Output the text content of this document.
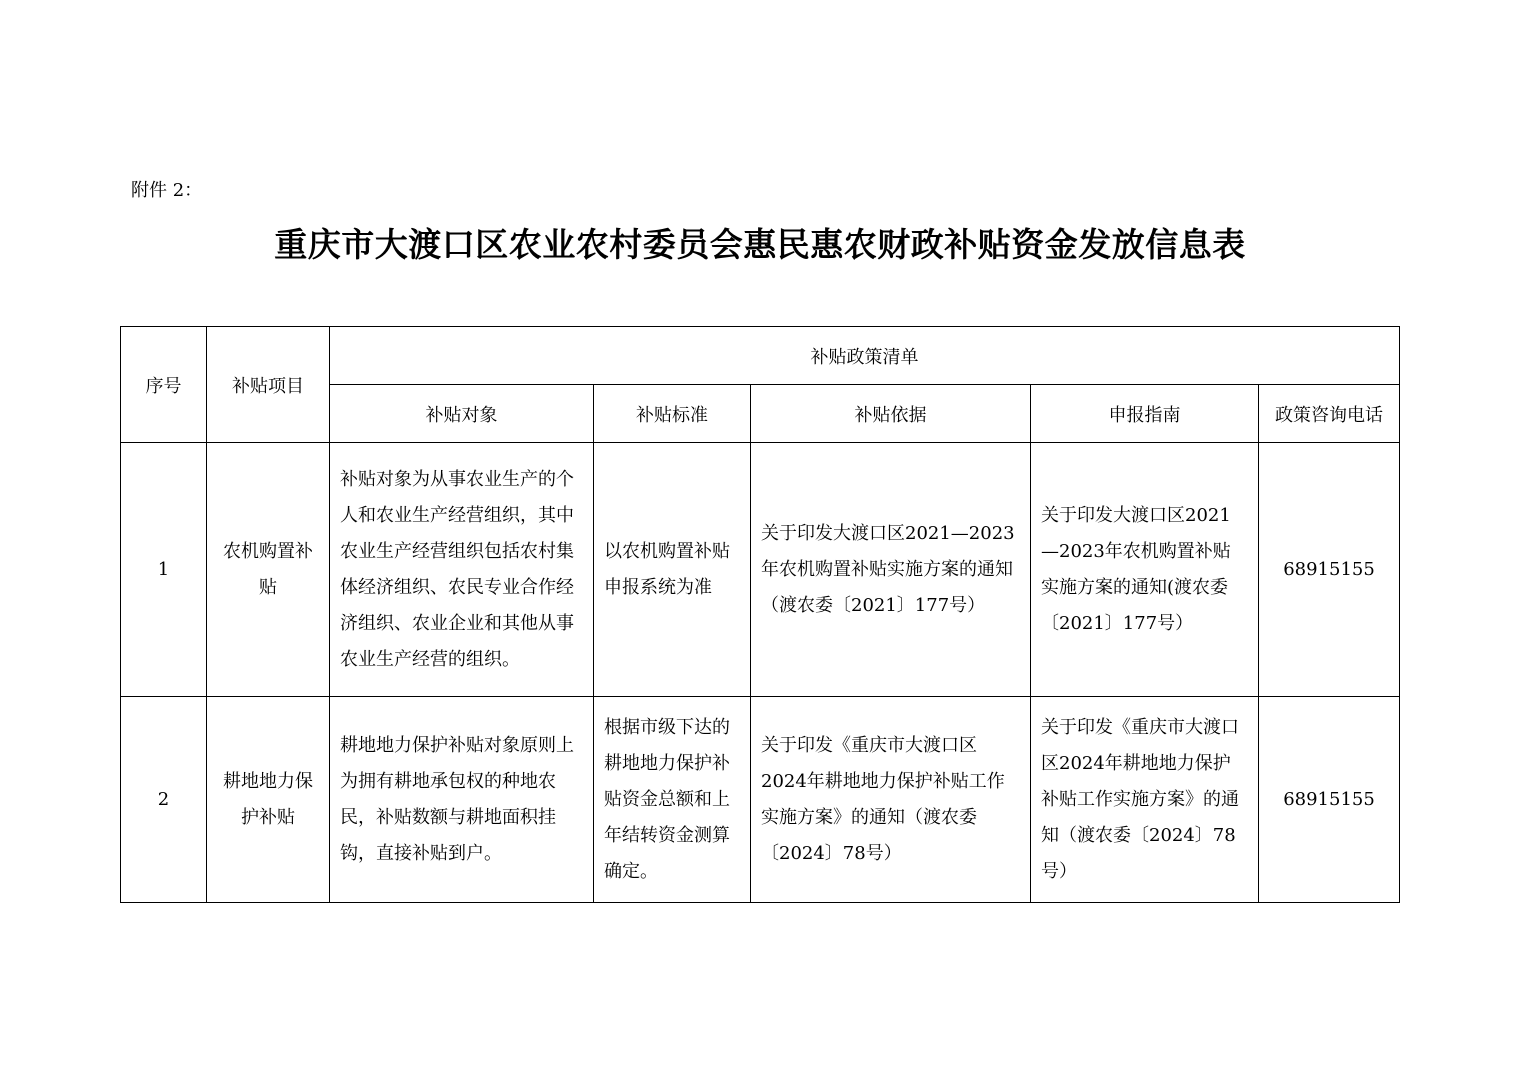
附件 2：
重庆市大渡口区农业农村委员会惠民惠农财政补贴资金发放信息表
序号	补贴项目	补贴政策清单				
		补贴对象	补贴标准	补贴依据	申报指南	政策咨询电话
1	农机购置补贴	补贴对象为从事农业生产的个人和农业生产经营组织，其中农业生产经营组织包括农村集体经济组织、农民专业合作经济组织、农业企业和其他从事农业生产经营的组织。	以农机购置补贴申报系统为准	关于印发大渡口区2021—2023年农机购置补贴实施方案的通知（渡农委〔2021〕177号）	关于印发大渡口区2021—2023年农机购置补贴实施方案的通知(渡农委〔2021〕177号）	68915155
2	耕地地力保护补贴	耕地地力保护补贴对象原则上为拥有耕地承包权的种地农民，补贴数额与耕地面积挂钩，直接补贴到户。	根据市级下达的耕地地力保护补贴资金总额和上年结转资金测算确定。	关于印发《重庆市大渡口区2024年耕地地力保护补贴工作实施方案》的通知（渡农委〔2024〕78号）	关于印发《重庆市大渡口区2024年耕地地力保护补贴工作实施方案》的通知（渡农委〔2024〕78号）	68915155
